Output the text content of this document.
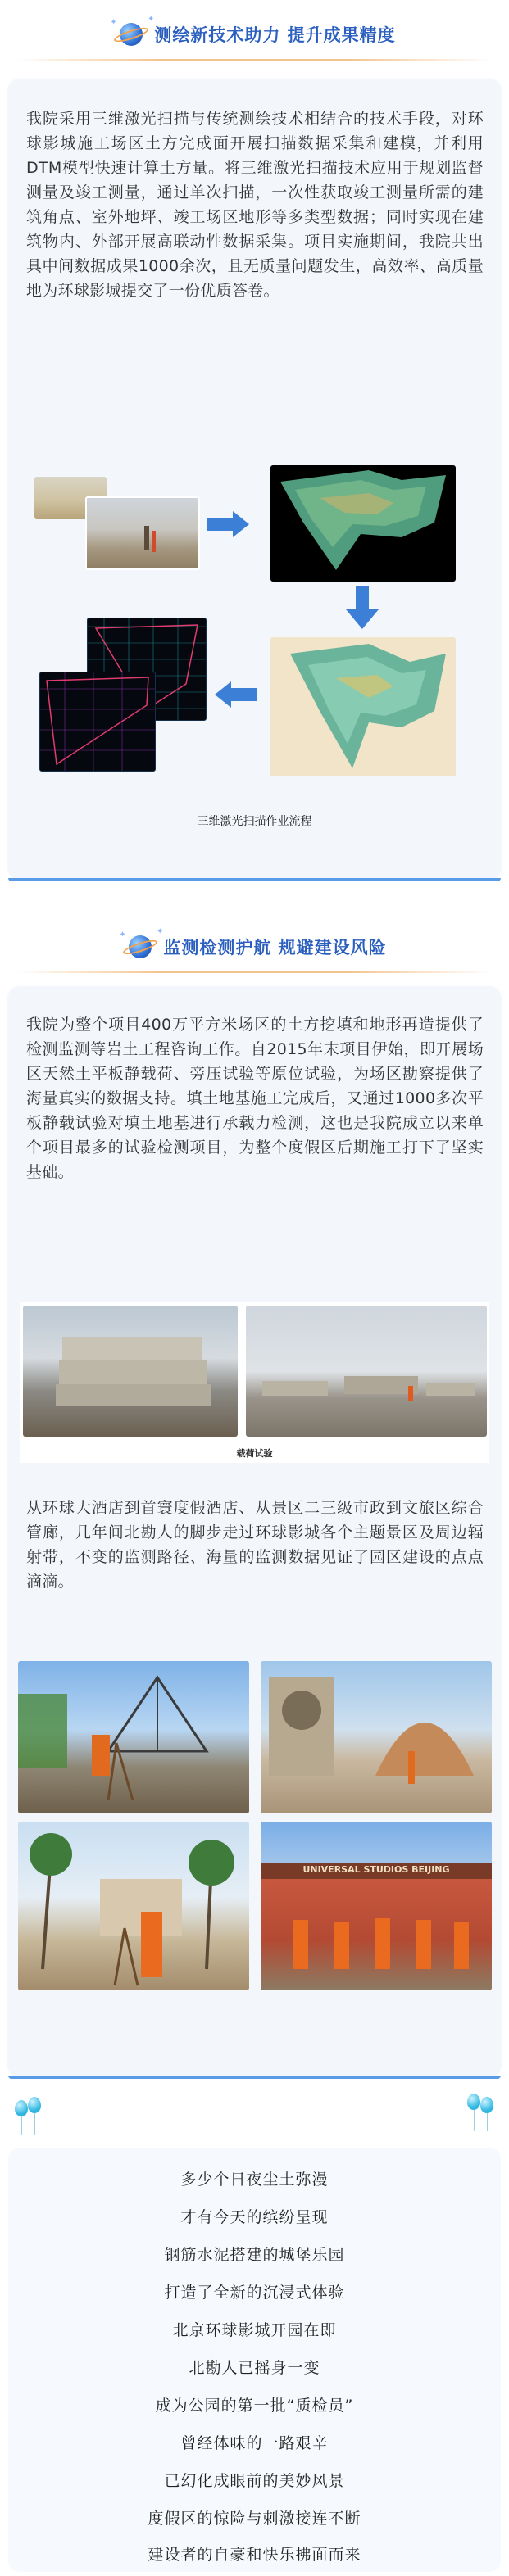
✦	✦
测绘新技术助力 提升成果精度
我院采用三维激光扫描与传统测绘技术相结合的技术手段，对环球影城施工场区土方完成面开展扫描数据采集和建模，并利用DTM模型快速计算土方量。将三维激光扫描技术应用于规划监督测量及竣工测量，通过单次扫描，一次性获取竣工测量所需的建筑角点、室外地坪、竣工场区地形等多类型数据；同时实现在建筑物内、外部开展高联动性数据采集。项目实施期间，我院共出具中间数据成果1000余次，且无质量问题发生，高效率、高质量地为环球影城提交了一份优质答卷。
三维激光扫描作业流程
✦	✦
监测检测护航 规避建设风险
我院为整个项目400万平方米场区的土方挖填和地形再造提供了检测监测等岩土工程咨询工作。自2015年末项目伊始，即开展场区天然土平板静载荷、旁压试验等原位试验，为场区勘察提供了海量真实的数据支持。填土地基施工完成后，又通过1000多次平板静载试验对填土地基进行承载力检测，这也是我院成立以来单个项目最多的试验检测项目，为整个度假区后期施工打下了坚实基础。
载荷试验
从环球大酒店到首寰度假酒店、从景区二三级市政到文旅区综合管廊，几年间北勘人的脚步走过环球影城各个主题景区及周边辐射带，不变的监测路径、海量的监测数据见证了园区建设的点点滴滴。
UNIVERSAL STUDIOS BEIJING
多少个日夜尘土弥漫
才有今天的缤纷呈现
钢筋水泥搭建的城堡乐园
打造了全新的沉浸式体验
北京环球影城开园在即
北勘人已摇身一变
成为公园的第一批“质检员”
曾经体味的一路艰辛
已幻化成眼前的美妙风景
度假区的惊险与刺激接连不断
建设者的自豪和快乐拂面而来
